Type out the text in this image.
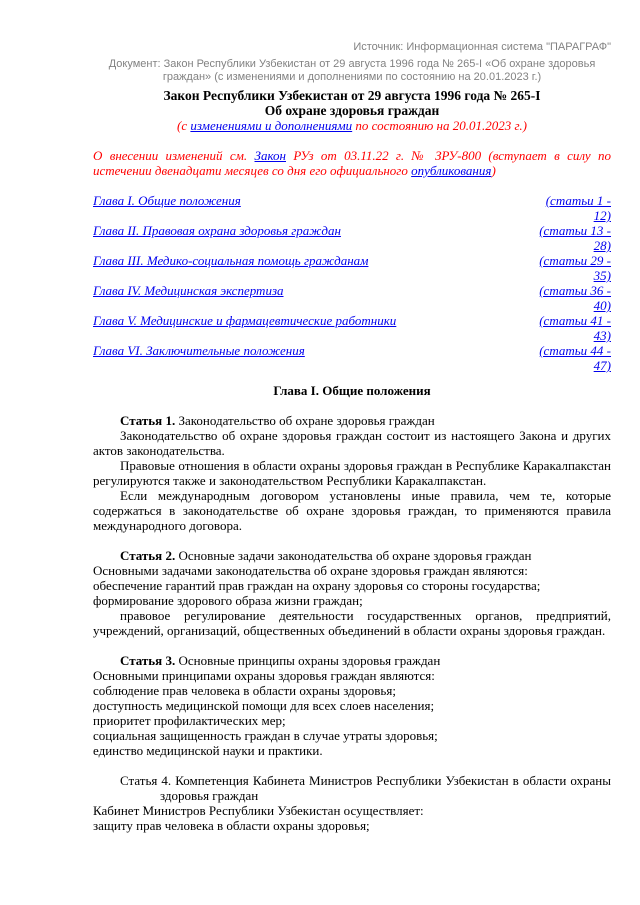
Источник: Информационная система "ПАРАГРАФ"
Документ: Закон Республики Узбекистан от 29 августа 1996 года № 265-I «Об охране здоровья
граждан» (с изменениями и дополнениями по состоянию на 20.01.2023 г.)
Закон Республики Узбекистан от 29 августа 1996 года № 265-I
Об охране здоровья граждан
(с изменениями и дополнениями по состоянию на 20.01.2023 г.)
О внесении изменений см. Закон РУз от 03.11.22 г. № ЗРУ-800 (вступает в силу по истечении двенадцати месяцев со дня его официального опубликования)
Глава I. Общие положения	(статьи 1 -
12)
Глава II. Правовая охрана здоровья граждан	(статьи 13 -
28)
Глава III. Медико-социальная помощь гражданам	(статьи 29 -
35)
Глава IV. Медицинская экспертиза	(статьи 36 -
40)
Глава V. Медицинские и фармацевтические работники	(статьи 41 -
43)
Глава VI. Заключительные положения	(статьи 44 -
47)
Глава I. Общие положения

Статья 1. Законодательство об охране здоровья граждан

Законодательство об охране здоровья граждан состоит из настоящего Закона и других актов законодательства.

Правовые отношения в области охраны здоровья граждан в Республике Каракалпакстан регулируются также и законодательством Республики Каракалпакстан.

Если международным договором установлены иные правила, чем те, которые содержаться в законодательстве об охране здоровья граждан, то применяются правила международного договора.

Статья 2. Основные задачи законодательства об охране здоровья граждан

Основными задачами законодательства об охране здоровья граждан являются:

обеспечение гарантий прав граждан на охрану здоровья со стороны государства;

формирование здорового образа жизни граждан;

правовое регулирование деятельности государственных органов, предприятий, учреждений, организаций, общественных объединений в области охраны здоровья граждан.

Статья 3. Основные принципы охраны здоровья граждан

Основными принципами охраны здоровья граждан являются:

соблюдение прав человека в области охраны здоровья;

доступность медицинской помощи для всех слоев населения;

приоритет профилактических мер;

социальная защищенность граждан в случае утраты здоровья;

единство медицинской науки и практики.

Статья 4. Компетенция Кабинета Министров Республики Узбекистан в области охраны здоровья граждан

Кабинет Министров Республики Узбекистан осуществляет:

защиту прав человека в области охраны здоровья;
